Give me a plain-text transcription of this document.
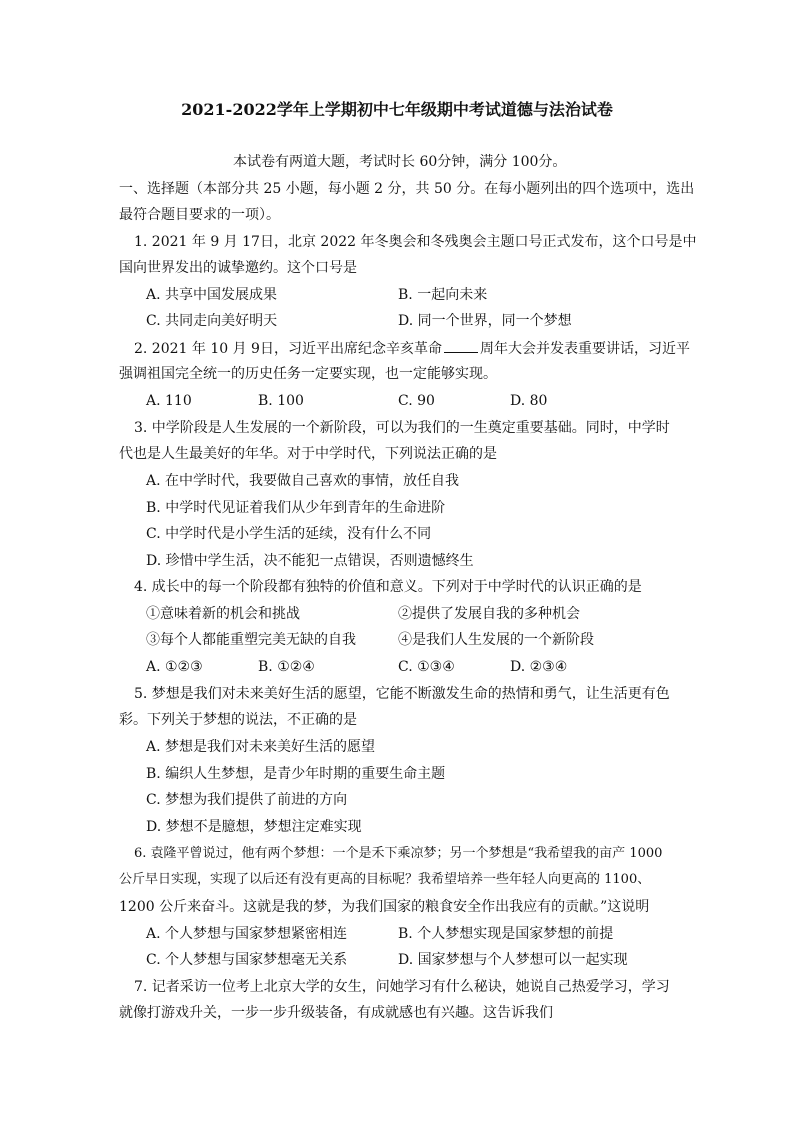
2021-2022学年上学期初中七年级期中考试道德与法治试卷
本试卷有两道大题，考试时长 60分钟，满分 100分。
一、选择题（本部分共 25 小题，每小题 2 分，共 50 分。在每小题列出的四个选项中，选出
最符合题目要求的一项）。
1. 2021 年 9 月 17日，北京 2022 年冬奥会和冬残奥会主题口号正式发布，这个口号是中
国向世界发出的诚挚邀约。这个口号是
A. 共享中国发展成果	B. 一起向未来
C. 共同走向美好明天	D. 同一个世界，同一个梦想
2. 2021 年 10 月 9日，习近平出席纪念辛亥革命	周年大会并发表重要讲话，习近平
强调祖国完全统一的历史任务一定要实现，也一定能够实现。
A. 110	B. 100	C. 90	D. 80
3. 中学阶段是人生发展的一个新阶段，可以为我们的一生奠定重要基础。同时，中学时
代也是人生最美好的年华。对于中学时代，下列说法正确的是
A. 在中学时代，我要做自己喜欢的事情，放任自我
B. 中学时代见证着我们从少年到青年的生命进阶
C. 中学时代是小学生活的延续，没有什么不同
D. 珍惜中学生活，决不能犯一点错误，否则遗憾终生
4. 成长中的每一个阶段都有独特的价值和意义。下列对于中学时代的认识正确的是
①意味着新的机会和挑战	②提供了发展自我的多种机会
③每个人都能重塑完美无缺的自我	④是我们人生发展的一个新阶段
A. ①②③	B. ①②④	C. ①③④	D. ②③④
5. 梦想是我们对未来美好生活的愿望，它能不断激发生命的热情和勇气，让生活更有色
彩。下列关于梦想的说法，不正确的是
A. 梦想是我们对未来美好生活的愿望
B. 编织人生梦想，是青少年时期的重要生命主题
C. 梦想为我们提供了前进的方向
D. 梦想不是臆想，梦想注定难实现
6. 袁隆平曾说过，他有两个梦想：一个是禾下乘凉梦；另一个梦想是“我希望我的亩产 1000
公斤早日实现，实现了以后还有没有更高的目标呢？我希望培养一些年轻人向更高的 1100、
1200 公斤来奋斗。这就是我的梦，为我们国家的粮食安全作出我应有的贡献。”这说明
A. 个人梦想与国家梦想紧密相连	B. 个人梦想实现是国家梦想的前提
C. 个人梦想与国家梦想毫无关系	D. 国家梦想与个人梦想可以一起实现
7. 记者采访一位考上北京大学的女生，问她学习有什么秘诀，她说自己热爱学习，学习
就像打游戏升关，一步一步升级装备，有成就感也有兴趣。这告诉我们
